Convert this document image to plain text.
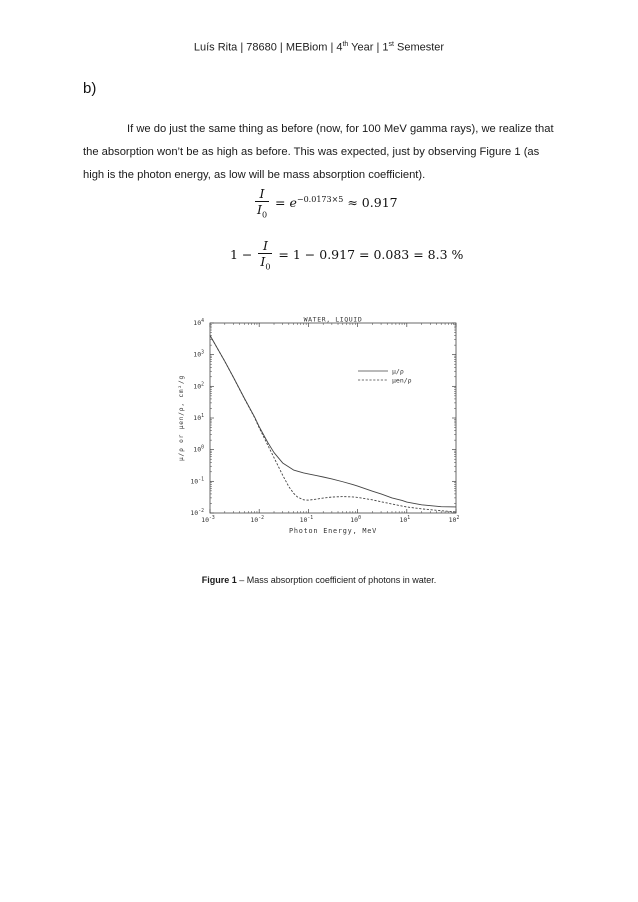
Luís Rita | 78680 | MEBiom | 4th Year | 1st Semester
b)
If we do just the same thing as before (now, for 100 MeV gamma rays), we realize that the absorption won’t be as high as before. This was expected, just by observing Figure 1 (as high is the photon energy, as low will be mass absorption coefficient).
$\frac{I}{I_0} = e^{-0.0173\times 5} \approx 0.917$
$1 - \frac{I}{I_0} = 1 - 0.917 = 0.083 = 8.3$ %
WATER, LIQUID
Photon Energy, MeV
μ/ρ or μen/ρ, cm²/g
$10^{-3}$	$10^{-2}$	$10^{-1}$	$10^0$	$10^1$	$10^2$
$10^{-2}$
$10^{-1}$
$10^0$
$10^1$
$10^2$
$10^3$
$10^4$
μ/ρ
μen/ρ
Figure 1 – Mass absorption coefficient of photons in water.
